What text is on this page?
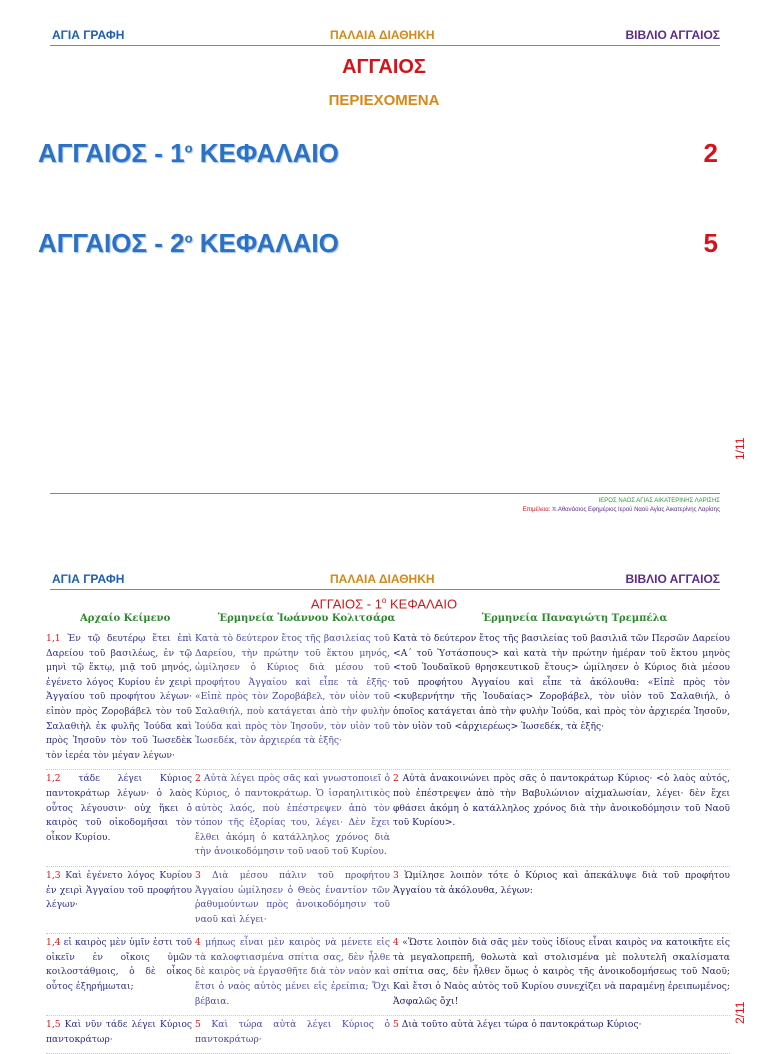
ΑΓΙΑ ΓΡΑΦΗ	ΠΑΛΑΙΑ ΔΙΑΘΗΚΗ	ΒΙΒΛΙΟ ΑΓΓΑΙΟΣ
ΑΓΓΑΙΟΣ
ΠΕΡΙΕΧΟΜΕΝΑ
ΑΓΓΑΙΟΣ - $1^o$ ΚΕΦΑΛΑΙΟ	2
ΑΓΓΑΙΟΣ - $2^o$ ΚΕΦΑΛΑΙΟ	5
1/11
ΙΕΡΟΣ ΝΑΟΣ ΑΓΙΑΣ ΑΙΚΑΤΕΡΙΝΗΣ ΛΑΡΙΣΗΣ
Επιμέλεια: π.Αθανάσιος Εφημέριος Ιερού Ναού Αγίας Αικατερίνης Λαρίσης
ΑΓΙΑ ΓΡΑΦΗ	ΠΑΛΑΙΑ ΔΙΑΘΗΚΗ	ΒΙΒΛΙΟ ΑΓΓΑΙΟΣ
ΑΓΓΑΙΟΣ - $1^o$ ΚΕΦΑΛΑΙΟ
Αρχαίο Κείμενο	Ἑρμηνεία Ἰωάννου Κολιτσάρα	Ἑρμηνεία Παναγιώτη Τρεμπέλα
1,1 Ἐν τῷ δευτέρῳ ἔτει ἐπὶ Δαρείου τοῦ βασιλέως, ἐν τῷ μηνὶ τῷ ἕκτῳ, μιᾷ τοῦ μηνός, ἐγένετο λόγος Κυρίου ἐν χειρὶ Ἀγγαίου τοῦ προφήτου λέγων· εἰπὸν πρὸς Ζοροβάβελ τὸν τοῦ Σαλαθιὴλ ἐκ φυλῆς Ἰούδα καὶ πρὸς Ἰησοῦν τὸν τοῦ Ἰωσεδὲκ τὸν ἱερέα τὸν μέγαν λέγων·
Κατὰ τὸ δεύτερον ἔτος τῆς βασιλείας τοῦ Δαρείου, τὴν πρώτην τοῦ ἕκτου μηνός, ὡμίλησεν ὁ Κύριος διὰ μέσου τοῦ προφήτου Ἀγγαίου καὶ εἶπε τὰ ἑξῆς· «Εἰπὲ πρὸς τὸν Ζοροβάβελ, τὸν υἱὸν τοῦ Σαλαθιήλ, ποὺ κατάγεται ἀπὸ τὴν φυλὴν Ἰούδα καὶ πρὸς τὸν Ἰησοῦν, τὸν υἱὸν τοῦ Ἰωσεδέκ, τὸν ἀρχιερέα τὰ ἑξῆς·
Κατὰ τὸ δεύτερον ἔτος τῆς βασιλείας τοῦ βασιλιᾶ τῶν Περσῶν Δαρείου <Α΄ τοῦ Ὑστάσπους> καὶ κατὰ τὴν πρώτην ἡμέραν τοῦ ἕκτου μηνὸς <τοῦ Ἰουδαϊκοῦ θρησκευτικοῦ ἔτους> ὡμίλησεν ὁ Κύριος διὰ μέσου τοῦ προφήτου Ἀγγαίου καὶ εἶπε τὰ ἀκόλουθα: «Εἰπὲ πρὸς τὸν <κυβερνήτην τῆς Ἰουδαίας> Ζοροβάβελ, τὸν υἱὸν τοῦ Σαλαθιήλ, ὁ ὁποῖος κατάγεται ἀπὸ τὴν φυλὴν Ἰούδα, καὶ πρὸς τὸν ἀρχιερέα Ἰησοῦν, τὸν υἱὸν τοῦ <ἀρχιερέως> Ἰωσεδέκ, τὰ ἑξῆς·
1,2 τάδε λέγει Κύριος παντοκράτωρ λέγων· ὁ λαὸς οὗτος λέγουσιν· οὐχ ἥκει ὁ καιρὸς τοῦ οἰκοδομῆσαι τὸν οἶκον Κυρίου.
2 Αὐτὰ λέγει πρὸς σᾶς καὶ γνωστοποιεῖ ὁ Κύριος, ὁ παντοκράτωρ. Ὁ ἰσραηλιτικὸς αὐτὸς λαός, ποὺ ἐπέστρεψεν ἀπὸ τὸν τόπον τῆς ἐξορίας του, λέγει· Δὲν ἔχει ἔλθει ἀκόμη ὁ κατάλληλος χρόνος διὰ τὴν ἀνοικοδόμησιν τοῦ ναοῦ τοῦ Κυρίου.
2 Αὐτὰ ἀνακοινώνει πρὸς σᾶς ὁ παντοκράτωρ Κύριος· <ὁ λαὸς αὐτός, ποὺ ἐπέστρεψεν ἀπὸ τὴν Βαβυλώνιον αἰχμαλωσίαν, λέγει· δὲν ἔχει φθάσει ἀκόμη ὁ κατάλληλος χρόνος διὰ τὴν ἀνοικοδόμησιν τοῦ Ναοῦ τοῦ Κυρίου>.
1,3 Καὶ ἐγένετο λόγος Κυρίου ἐν χειρὶ Ἀγγαίου τοῦ προφήτου λέγων·
3 Διὰ μέσου πάλιν τοῦ προφήτου Ἀγγαίου ὡμίλησεν ὁ Θεὸς ἐναντίον τῶν ῥαθυμούντων πρὸς ἀνοικοδόμησιν τοῦ ναοῦ καὶ λέγει·
3 Ὡμίλησε λοιπὸν τότε ὁ Κύριος καὶ ἀπεκάλυψε διὰ τοῦ προφήτου Ἀγγαίου τὰ ἀκόλουθα, λέγων:
1,4 εἰ καιρὸς μὲν ὑμῖν ἐστι τοῦ οἰκεῖν ἐν οἴκοις ὑμῶν κοιλοστάθμοις, ὁ δὲ οἶκος οὗτος ἐξηρήμωται;
4 μήπως εἶναι μὲν καιρὸς νὰ μένετε εἰς τὰ καλοφτιασμένα σπίτια σας, δὲν ἦλθε δὲ καιρὸς νὰ ἐργασθῆτε διὰ τὸν ναὸν καὶ ἔτσι ὁ ναὸς αὐτὸς μένει εἰς ἐρείπια; Ὄχι βέβαια.
4 «Ὥστε λοιπὸν διὰ σᾶς μὲν τοὺς ἰδίους εἶναι καιρὸς να κατοικῆτε εἰς τὰ μεγαλοπρεπῆ, θολωτὰ καὶ στολισμένα μὲ πολυτελῆ σκαλίσματα σπίτια σας, δὲν ἦλθεν ὅμως ὁ καιρὸς τῆς ἀνοικοδομήσεως τοῦ Ναοῦ; Καὶ ἔτσι ὁ Ναὸς αὐτὸς τοῦ Κυρίου συνεχίζει νὰ παραμένῃ ἐρειπωμένος; Ἀσφαλῶς ὄχι!
1,5 Καὶ νῦν τάδε λέγει Κύριος παντοκράτωρ·
5 Καὶ τώρα αὐτὰ λέγει Κύριος ὁ παντοκράτωρ·
5 Διὰ τοῦτο αὐτὰ λέγει τώρα ὁ παντοκράτωρ Κύριος·
2/11
